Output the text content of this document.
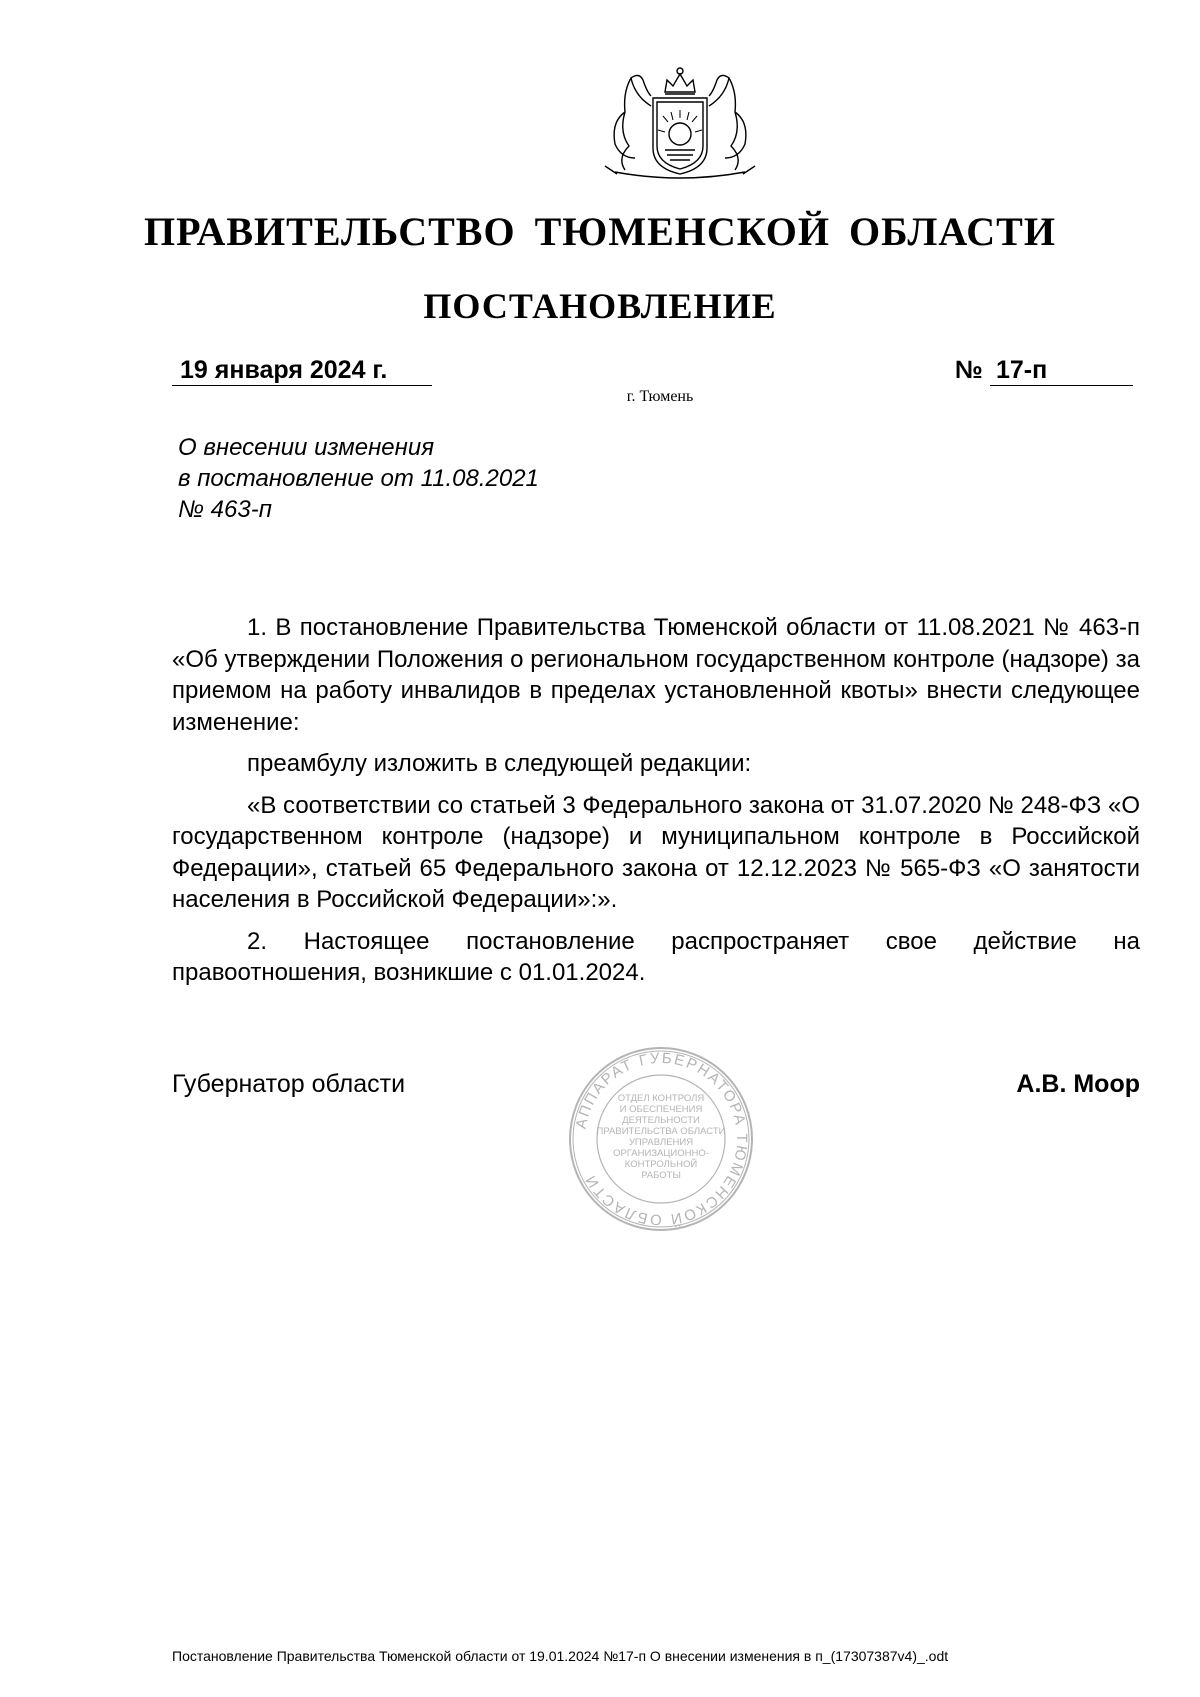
ПРАВИТЕЛЬСТВО ТЮМЕНСКОЙ ОБЛАСТИ
ПОСТАНОВЛЕНИЕ
19 января 2024 г.	№ 17-п
г. Тюмень
О внесении изменения
в постановление от 11.08.2021
№ 463-п

1. В постановление Правительства Тюменской области от 11.08.2021 № 463-п «Об утверждении Положения о региональном государственном контроле (надзоре) за приемом на работу инвалидов в пределах установленной квоты» внести следующее изменение:

преамбулу изложить в следующей редакции:

«В соответствии со статьей 3 Федерального закона от 31.07.2020 № 248-ФЗ «О государственном контроле (надзоре) и муниципальном контроле в Российской Федерации», статьей 65 Федерального закона от 12.12.2023 № 565-ФЗ «О занятости населения в Российской Федерации»:».

2. Настоящее постановление распространяет свое действие на правоотношения, возникшие с 01.01.2024.

Губернатор области
АППАРАТ ГУБЕРНАТОРА ТЮМЕНСКОЙ ОБЛАСТИ
ОТДЕЛ КОНТРОЛЯ
И ОБЕСПЕЧЕНИЯ
ДЕЯТЕЛЬНОСТИ
ПРАВИТЕЛЬСТВА ОБЛАСТИ
УПРАВЛЕНИЯ
ОРГАНИЗАЦИОННО-
КОНТРОЛЬНОЙ
РАБОТЫ
А.В. Моор
Постановление Правительства Тюменской области от 19.01.2024 №17-п О внесении изменения в п_(17307387v4)_.odt
